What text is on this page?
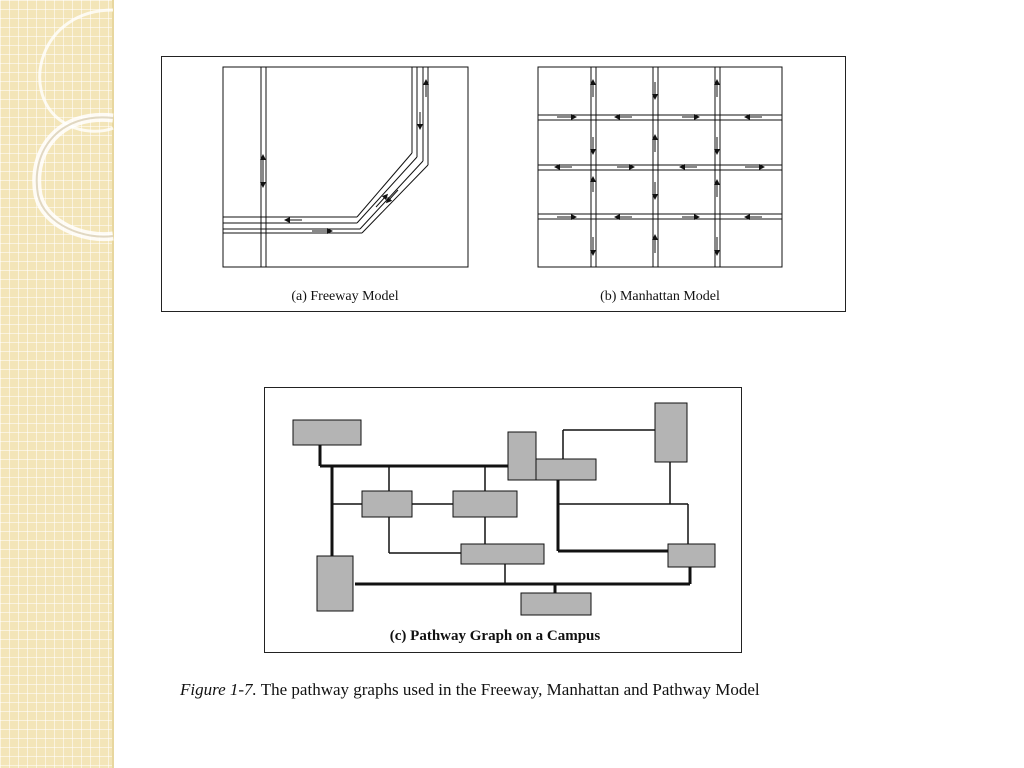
(a) Freeway Model	(b) Manhattan Model
(c) Pathway Graph on a Campus
Figure 1-7. The pathway graphs used in the Freeway, Manhattan and Pathway Model
